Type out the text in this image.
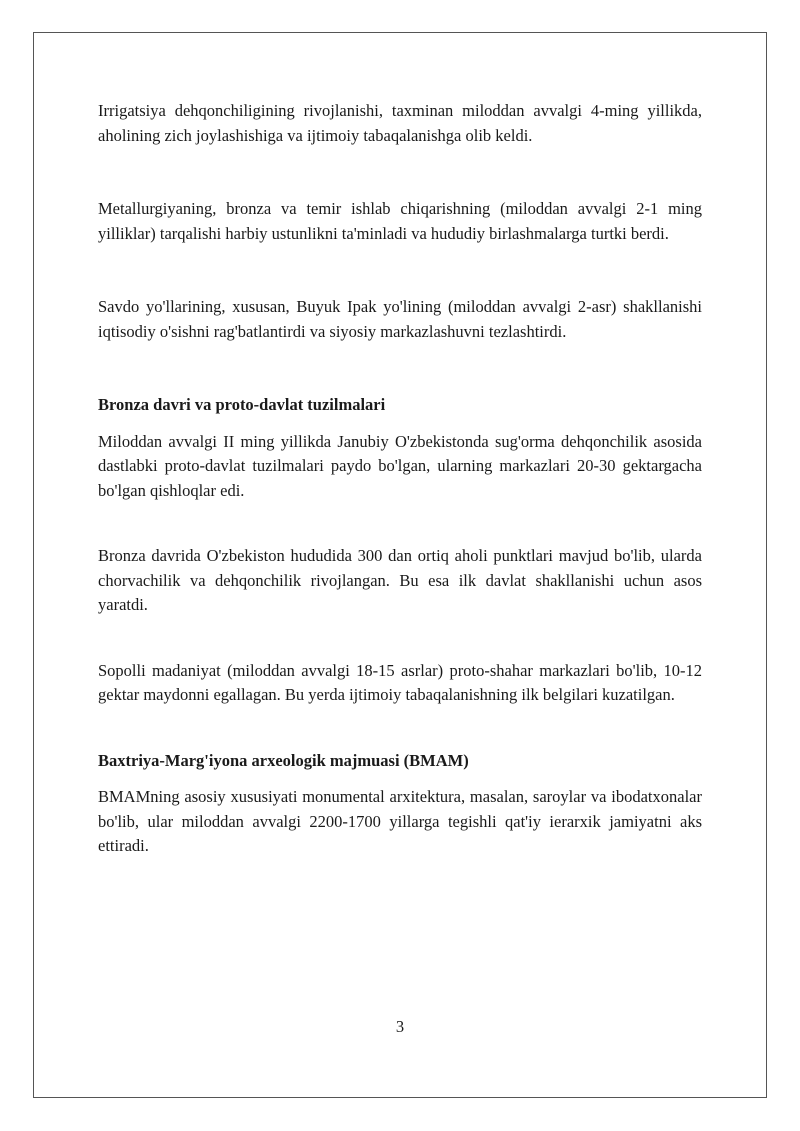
Irrigatsiya dehqonchiligining rivojlanishi, taxminan miloddan avvalgi 4-ming yillikda, aholining zich joylashishiga va ijtimoiy tabaqalanishga olib keldi.

Metallurgiyaning, bronza va temir ishlab chiqarishning (miloddan avvalgi 2-1 ming yilliklar) tarqalishi harbiy ustunlikni ta'minladi va hududiy birlashmalarga turtki berdi.

Savdo yo'llarining, xususan, Buyuk Ipak yo'lining (miloddan avvalgi 2-asr) shakllanishi iqtisodiy o'sishni rag'batlantirdi va siyosiy markazlashuvni tezlashtirdi.

Bronza davri va proto-davlat tuzilmalari

Miloddan avvalgi II ming yillikda Janubiy O'zbekistonda sug'orma dehqonchilik asosida dastlabki proto-davlat tuzilmalari paydo bo'lgan, ularning markazlari 20-30 gektargacha bo'lgan qishloqlar edi.

Bronza davrida O'zbekiston hududida 300 dan ortiq aholi punktlari mavjud bo'lib, ularda chorvachilik va dehqonchilik rivojlangan. Bu esa ilk davlat shakllanishi uchun asos yaratdi.

Sopolli madaniyat (miloddan avvalgi 18-15 asrlar) proto-shahar markazlari bo'lib, 10-12 gektar maydonni egallagan. Bu yerda ijtimoiy tabaqalanishning ilk belgilari kuzatilgan.

Baxtriya-Marg'iyona arxeologik majmuasi (BMAM)

BMAMning asosiy xususiyati monumental arxitektura, masalan, saroylar va ibodatxonalar bo'lib, ular miloddan avvalgi 2200-1700 yillarga tegishli qat'iy ierarxik jamiyatni aks ettiradi.

3
